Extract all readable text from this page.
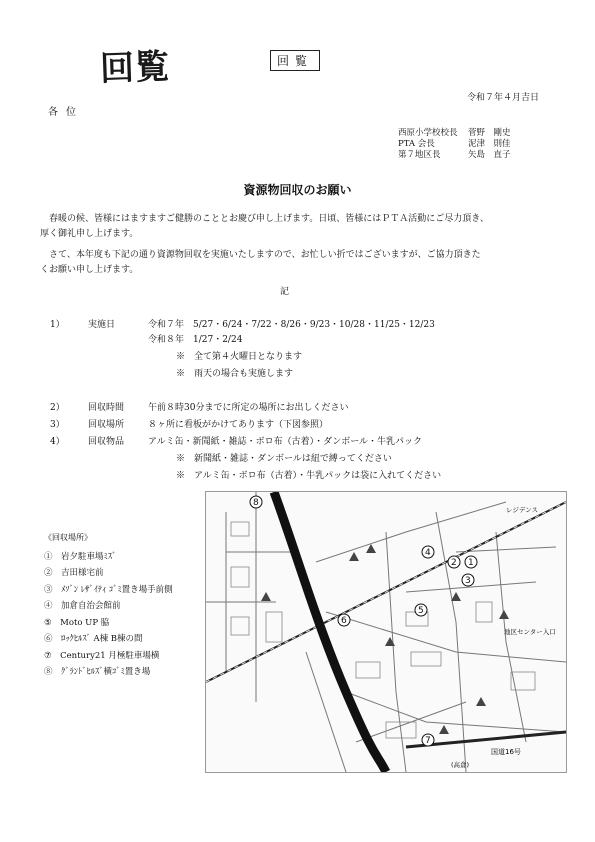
回覧	回覧
令和７年４月吉日
各位
西原小学校校長	菅野　剛史
PTA 会長	泥津　則佳
第７地区長	矢島　直子
資源物回収のお願い
　春暖の候、皆様にはますますご健勝のこととお慶び申し上げます。日頃、皆様にはＰＴＡ活動にご尽力頂き、
厚く御礼申し上げます。
　さて、本年度も下記の通り資源物回収を実施いたしますので、お忙しい折ではございますが、ご協力頂きた
くお願い申し上げます。
記
1）	実施日	令和７年　5/27・6/24・7/22・8/26・9/23・10/28・11/25・12/23
令和８年　1/27・2/24
※　全て第４火曜日となります
※　雨天の場合も実施します
2）	回収時間	午前８時30分までに所定の場所にお出しください
3）	回収場所	８ヶ所に看板がかけてあります（下図参照）
4）	回収物品	アルミ缶・新聞紙・雑誌・ボロ布（古着）・ダンボール・牛乳パック
※　新聞紙・雑誌・ダンボールは紐で縛ってください
※　アルミ缶・ボロ布（古着）・牛乳パックは袋に入れてください
《回収場所》
①　岩夕駐車場ﾐｽﾞ
②　吉田様宅前
③　ﾒｿﾞﾝ ﾚｻﾞｲﾃｨ ｺﾞﾐ置き場手前側
④　加倉自治会館前
⑤　Moto UP 脇
⑥　ﾛｯｸﾋﾙｽﾞ A棟 B棟の間
⑦　Century21 月極駐車場横
⑧　ｸﾞﾗﾝﾄﾞﾋﾙｽﾞ横ｺﾞﾐ置き場
1
2
3
4
5
6
7
8
地区センター入口
国道16号
レジデンス
(高倉)
